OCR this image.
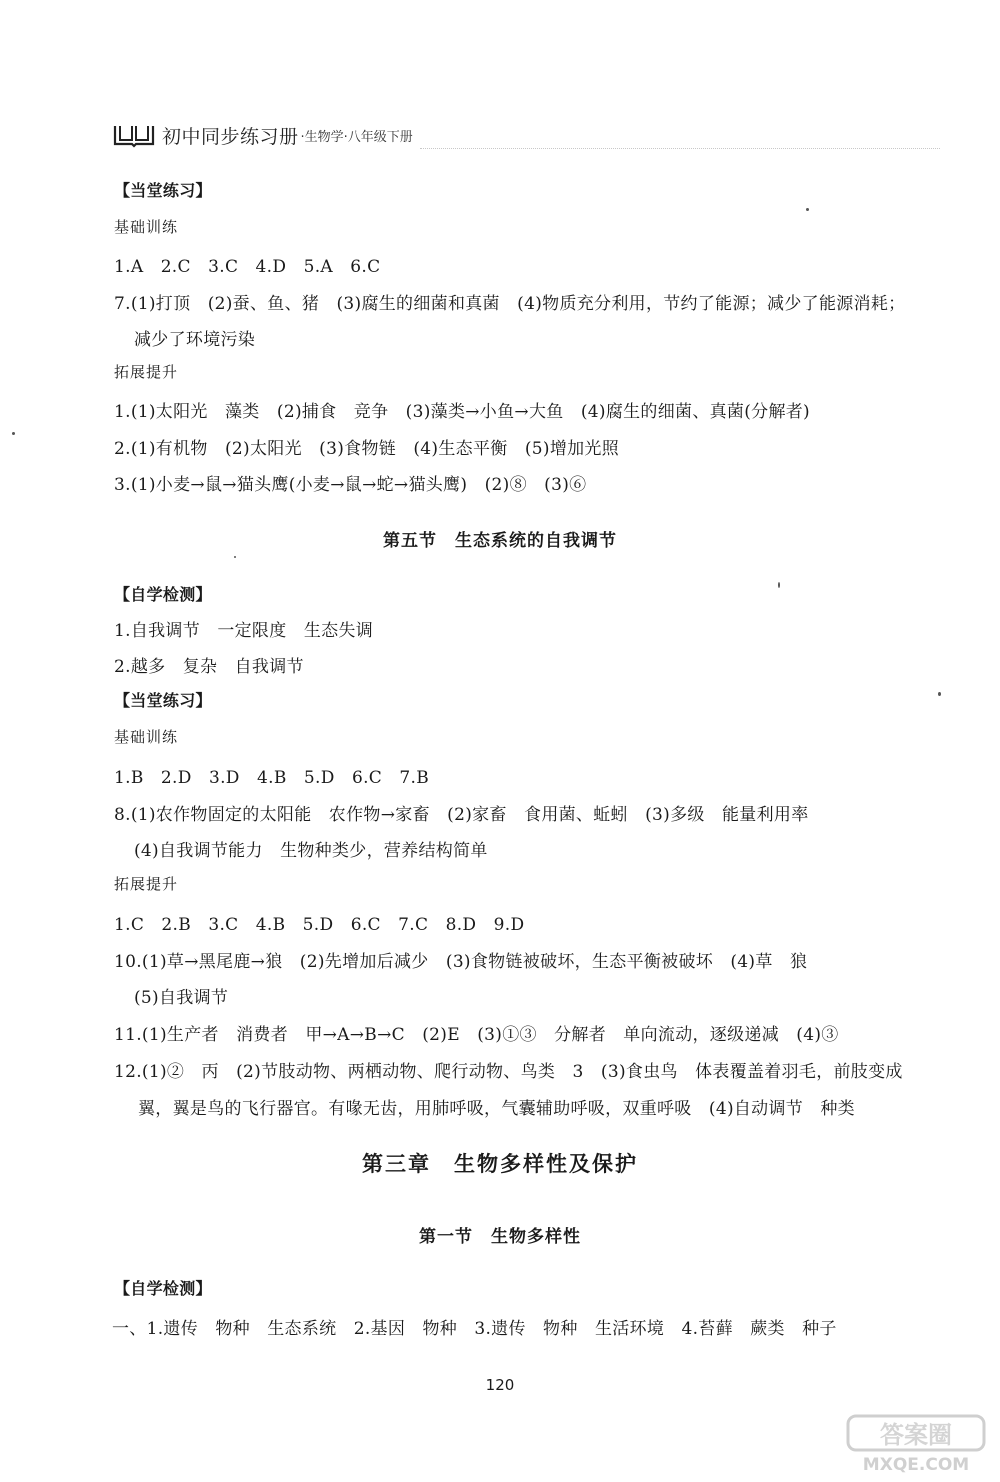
初中同步练习册 ·生物学·八年级下册
【当堂练习】
基础训练
1.A　2.C　3.C　4.D　5.A　6.C
7.(1)打顶　(2)蚕、鱼、猪　(3)腐生的细菌和真菌　(4)物质充分利用，节约了能源；减少了能源消耗；
减少了环境污染
拓展提升
1.(1)太阳光　藻类　(2)捕食　竞争　(3)藻类→小鱼→大鱼　(4)腐生的细菌、真菌(分解者)
2.(1)有机物　(2)太阳光　(3)食物链　(4)生态平衡　(5)增加光照
3.(1)小麦→鼠→猫头鹰(小麦→鼠→蛇→猫头鹰)　(2)⑧　(3)⑥
第五节　生态系统的自我调节
【自学检测】
1.自我调节　一定限度　生态失调
2.越多　复杂　自我调节
【当堂练习】
基础训练
1.B　2.D　3.D　4.B　5.D　6.C　7.B
8.(1)农作物固定的太阳能　农作物→家畜　(2)家畜　食用菌、蚯蚓　(3)多级　能量利用率
(4)自我调节能力　生物种类少，营养结构简单
拓展提升
1.C　2.B　3.C　4.B　5.D　6.C　7.C　8.D　9.D
10.(1)草→黑尾鹿→狼　(2)先增加后减少　(3)食物链被破坏，生态平衡被破坏　(4)草　狼
(5)自我调节
11.(1)生产者　消费者　甲→A→B→C　(2)E　(3)①③　分解者　单向流动，逐级递减　(4)③
12.(1)②　丙　(2)节肢动物、两栖动物、爬行动物、鸟类　3　(3)食虫鸟　体表覆盖着羽毛，前肢变成
翼，翼是鸟的飞行器官。有喙无齿，用肺呼吸，气囊辅助呼吸，双重呼吸　(4)自动调节　种类
第三章　生物多样性及保护
第一节　生物多样性
【自学检测】
一、1.遗传　物种　生态系统　2.基因　物种　3.遗传　物种　生活环境　4.苔藓　蕨类　种子
120
答案圈
MXQE.COM
